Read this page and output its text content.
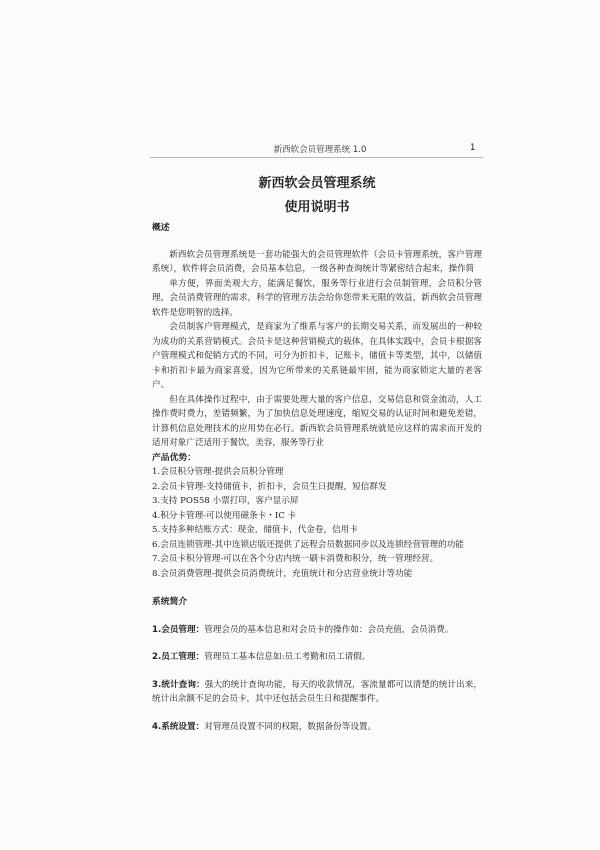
新西软会员管理系统 1.0	1
新西软会员管理系统
使用说明书
概述

新西软会员管理系统是一套功能强大的会员管理软件（会员卡管理系统，客户管理系统），软件将会员消费，会员基本信息，一级各种查询统计等紧密结合起来，操作简

单方便，界面美观大方，能满足餐饮，服务等行业进行会员制管理，会员积分管理，会员消费管理的需求，科学的管理方法会给你您带来无限的效益，新西软会员管理软件是您明智的选择。

会员制客户管理模式，是商家为了维系与客户的长期交易关系，而发展出的一种较为成功的关系营销模式。会员卡是这种营销模式的载体，在具体实践中，会员卡根据客户管理模式和促销方式的不同，可分为折扣卡，记账卡，储值卡等类型，其中，以储值卡和折扣卡最为商家喜爱，因为它所带来的关系链最牢固，能为商家锁定大量的老客户。

但在具体操作过程中，由于需要处理大量的客户信息，交易信息和资金流动，人工操作费时费力，差错频繁，为了加快信息处理速度，缩短交易的认证时间和避免差错，计算机信息处理技术的应用势在必行。新西软会员管理系统就是应这样的需求而开发的适用对象广泛适用于餐饮，美容，服务等行业

产品优势：
1.会员积分管理-提供会员积分管理
2.会员卡管理-支持储值卡，折扣卡，会员生日提醒，短信群发
3.支持 POS58 小票打印，客户显示屏
4.积分卡管理-可以使用磁条卡・IC 卡
5.支持多种结账方式：现金，储值卡，代金卷，信用卡
6.会员连锁管理-其中连锁店版还提供了远程会员数据同步以及连锁经营管理的功能
7.会员卡积分管理-可以在各个分店内统一刷卡消费和积分，统一管理经营。
8.会员消费管理-提供会员消费统计，充值统计和分店营业统计等功能
系统简介
1.会员管理：管理会员的基本信息和对会员卡的操作如：会员充值，会员消费。
2.员工管理：管理员工基本信息如:员工考勤和员工请假。
3.统计查询：强大的统计查询功能，每天的收款情况，客流量都可以清楚的统计出来，统计出余额不足的会员卡，其中还包括会员生日和提醒事件。
4.系统设置：对管理员设置不同的权限，数据备份等设置。
